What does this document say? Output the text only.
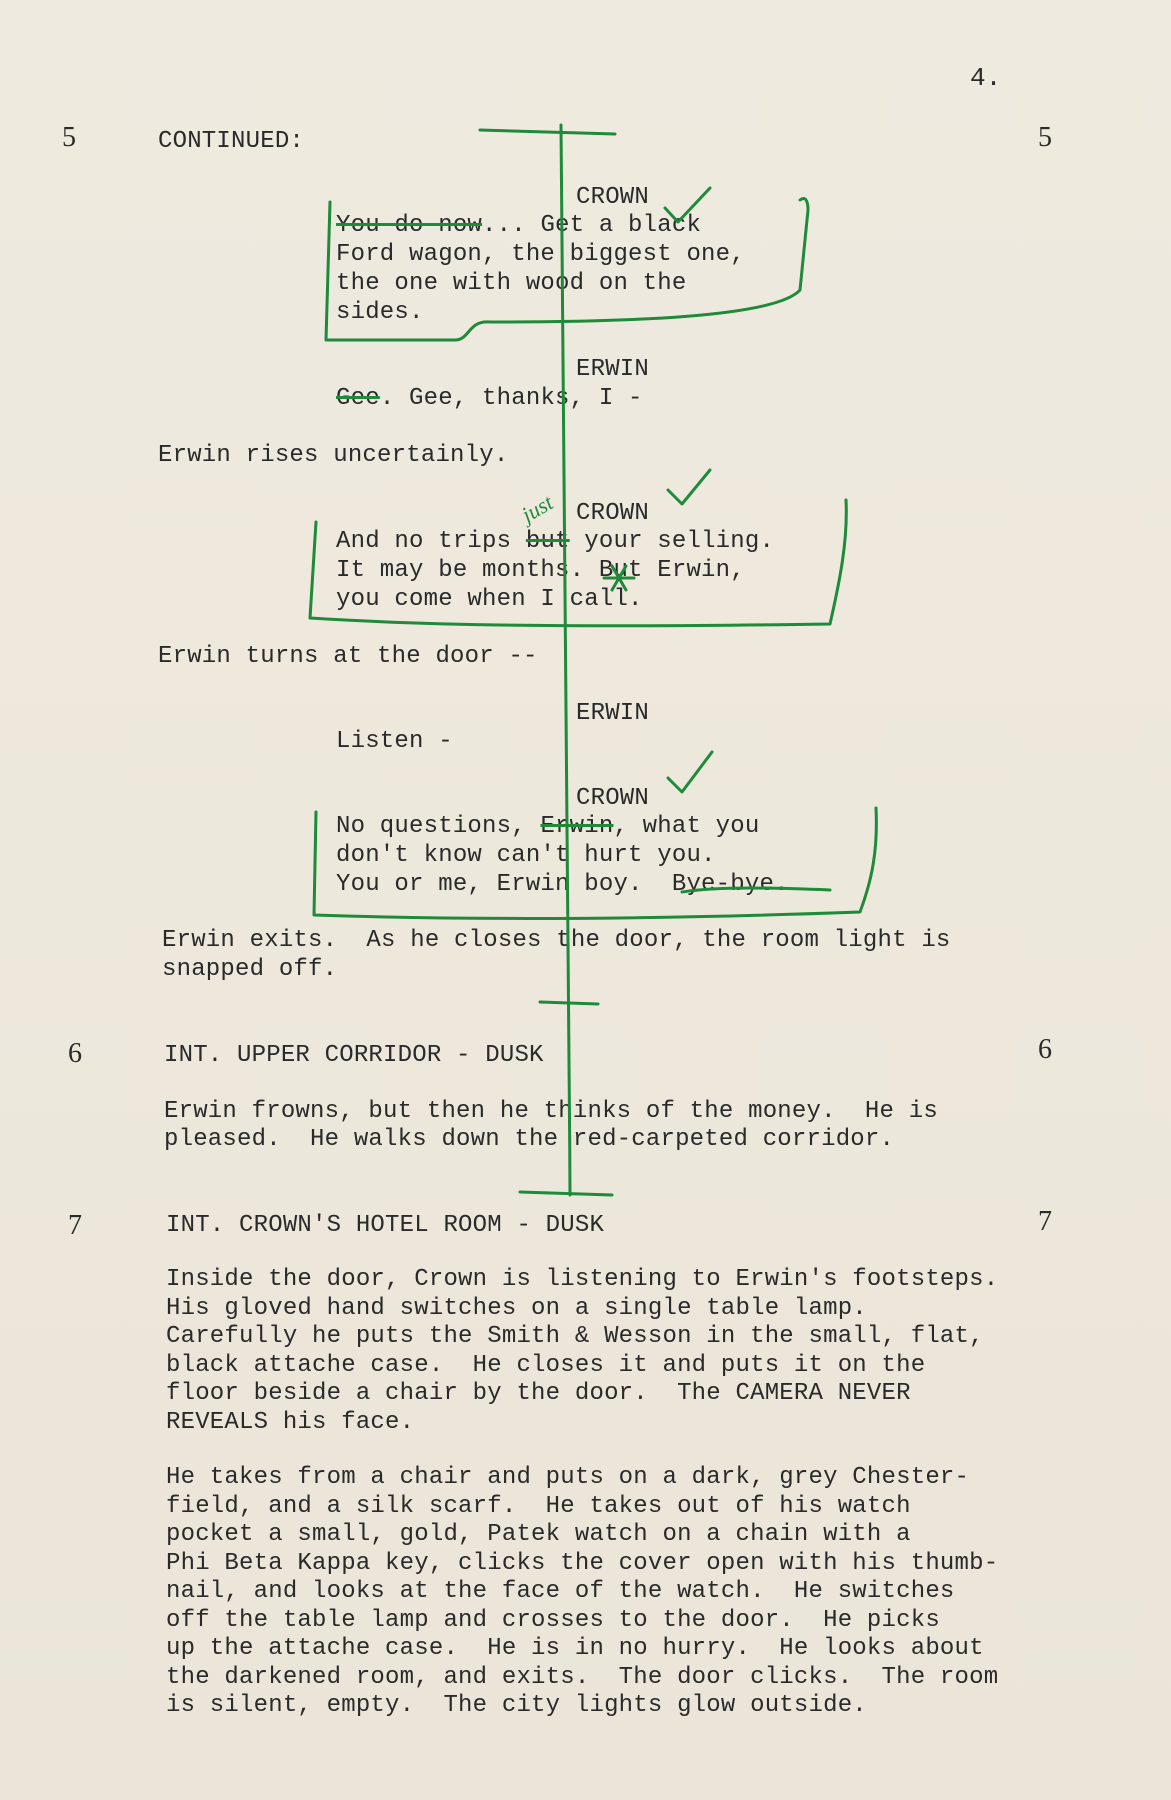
4.
5	5
CONTINUED:
CROWN
You do now... Get a black
Ford wagon, the biggest one,
the one with wood on the
sides.
ERWIN
Gee. Gee, thanks, I -
Erwin rises uncertainly.
CROWN
And no trips but your selling.
It may be months. But Erwin,
you come when I call.
Erwin turns at the door --
ERWIN
Listen -
CROWN
No questions, Erwin, what you
don't know can't hurt you.
You or me, Erwin boy.  Bye-bye.
Erwin exits.  As he closes the door, the room light is
snapped off.
6	6
INT. UPPER CORRIDOR - DUSK
Erwin frowns, but then he thinks of the money.  He is
pleased.  He walks down the red-carpeted corridor.
7	7
INT. CROWN'S HOTEL ROOM - DUSK
Inside the door, Crown is listening to Erwin's footsteps.
His gloved hand switches on a single table lamp.
Carefully he puts the Smith & Wesson in the small, flat,
black attache case.  He closes it and puts it on the
floor beside a chair by the door.  The CAMERA NEVER
REVEALS his face.
He takes from a chair and puts on a dark, grey Chester-
field, and a silk scarf.  He takes out of his watch
pocket a small, gold, Patek watch on a chain with a
Phi Beta Kappa key, clicks the cover open with his thumb-
nail, and looks at the face of the watch.  He switches
off the table lamp and crosses to the door.  He picks
up the attache case.  He is in no hurry.  He looks about
the darkened room, and exits.  The door clicks.  The room
is silent, empty.  The city lights glow outside.
just
